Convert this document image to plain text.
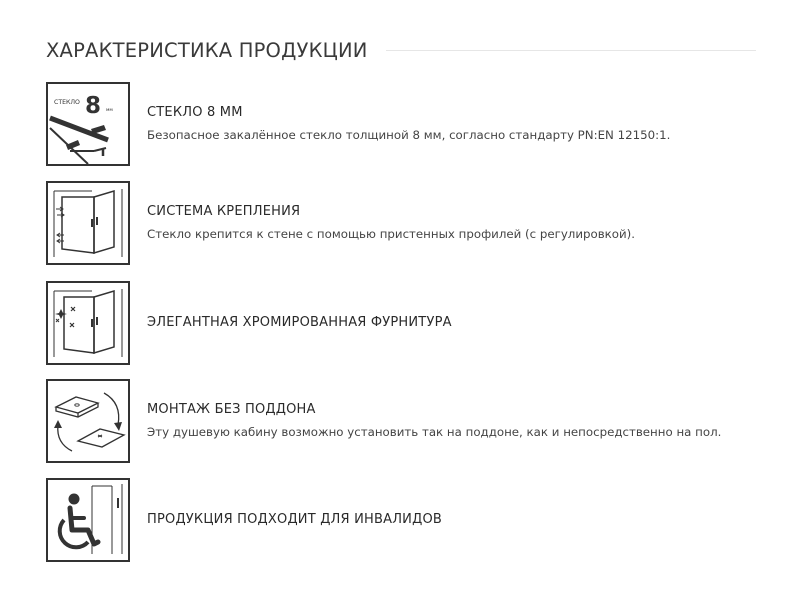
ХАРАКТЕРИСТИКА ПРОДУКЦИИ
СТЕКЛО 8 мм	СТЕКЛО 8 ММ
Безопасное закалённое стекло толщиной 8 мм, согласно стандарту PN:EN 12150:1.
СИСТЕМА КРЕПЛЕНИЯ
Стекло крепится к стене с помощью пристенных профилей (с регулировкой).
ЭЛЕГАНТНАЯ ХРОМИРОВАННАЯ ФУРНИТУРА
МОНТАЖ БЕЗ ПОДДОНА
Эту душевую кабину возможно установить так на поддоне, как и непосредственно на пол.
ПРОДУКЦИЯ ПОДХОДИТ ДЛЯ ИНВАЛИДОВ
